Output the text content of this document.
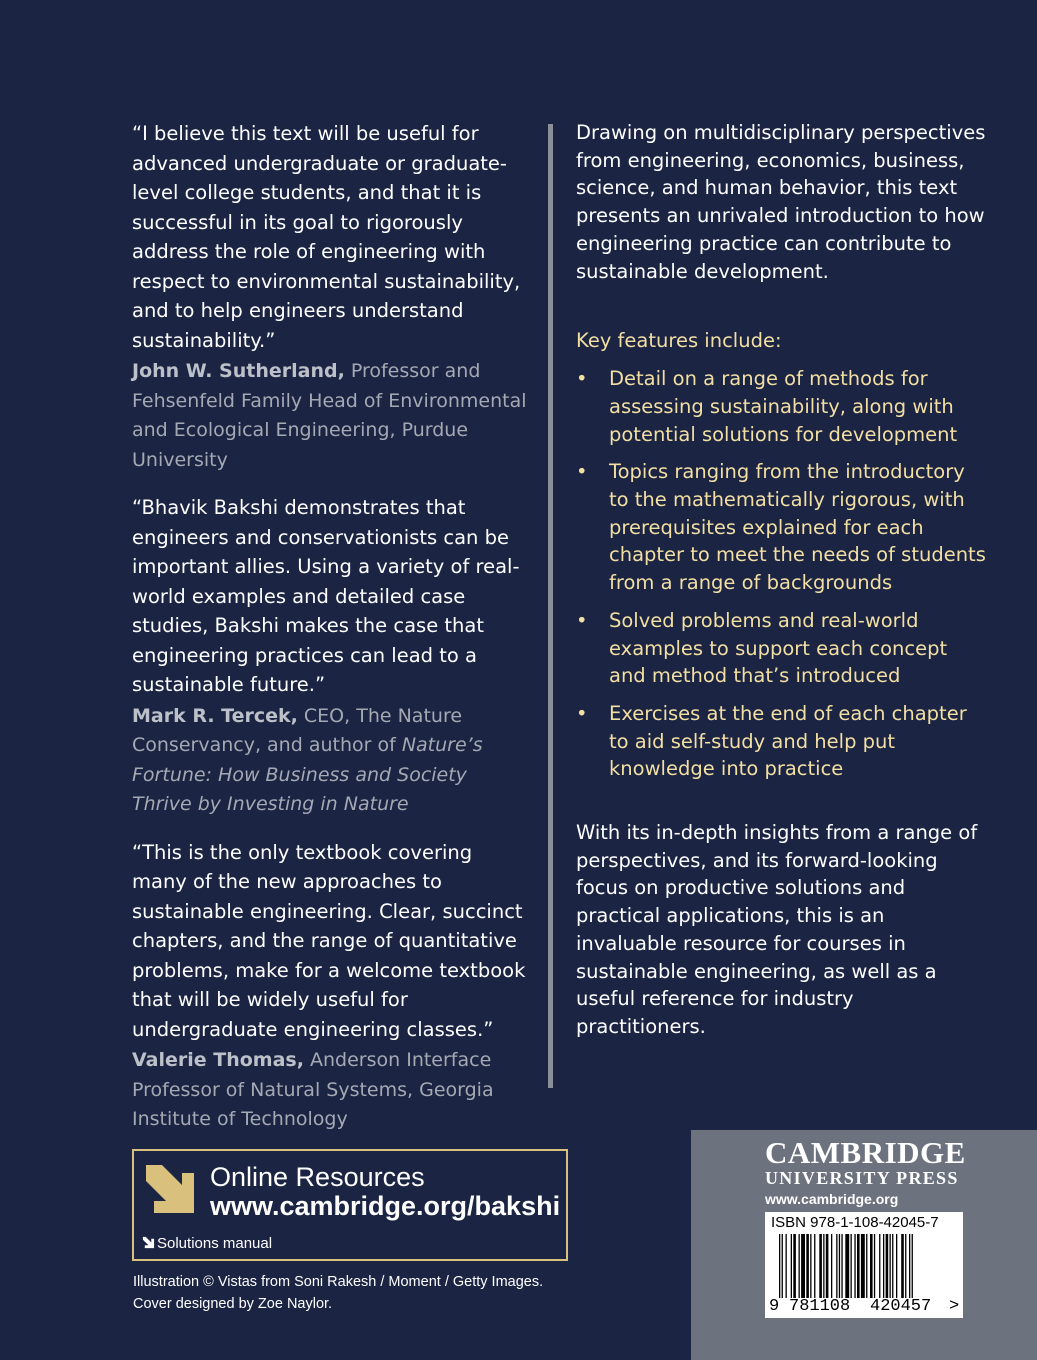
“I believe this text will be useful for advanced undergraduate or graduate-level college students, and that it is successful in its goal to rigorously address the role of engineering with respect to environmental sustainability, and to help engineers understand sustainability.”

John W. Sutherland, Professor and Fehsenfeld Family Head of Environmental and Ecological Engineering, Purdue University

“Bhavik Bakshi demonstrates that engineers and conservationists can be important allies. Using a variety of real-world examples and detailed case studies, Bakshi makes the case that engineering practices can lead to a sustainable future.”

Mark R. Tercek, CEO, The Nature Conservancy, and author of Nature’s Fortune: How Business and Society Thrive by Investing in Nature

“This is the only textbook covering many of the new approaches to sustainable engineering. Clear, succinct chapters, and the range of quantitative problems, make for a welcome textbook that will be widely useful for undergraduate engineering classes.”

Valerie Thomas, Anderson Interface Professor of Natural Systems, Georgia Institute of Technology

Drawing on multidisciplinary perspectives from engineering, economics, business, science, and human behavior, this text presents an unrivaled introduction to how engineering practice can contribute to sustainable development.

Key features include:

• Detail on a range of methods for assessing sustainability, along with potential solutions for development
• Topics ranging from the introductory to the mathematically rigorous, with prerequisites explained for each chapter to meet the needs of students from a range of backgrounds
• Solved problems and real-world examples to support each concept and method that’s introduced
• Exercises at the end of each chapter to aid self-study and help put knowledge into practice

With its in-depth insights from a range of perspectives, and its forward-looking focus on productive solutions and practical applications, this is an invaluable resource for courses in sustainable engineering, as well as a useful reference for industry practitioners.

Online Resources
www.cambridge.org/bakshi
Solutions manual
Illustration © Vistas from Soni Rakesh / Moment / Getty Images.
Cover designed by Zoe Naylor.
CAMBRIDGE
UNIVERSITY PRESS
www.cambridge.org
ISBN 978-1-108-42045-7
9 781108 420457 >
